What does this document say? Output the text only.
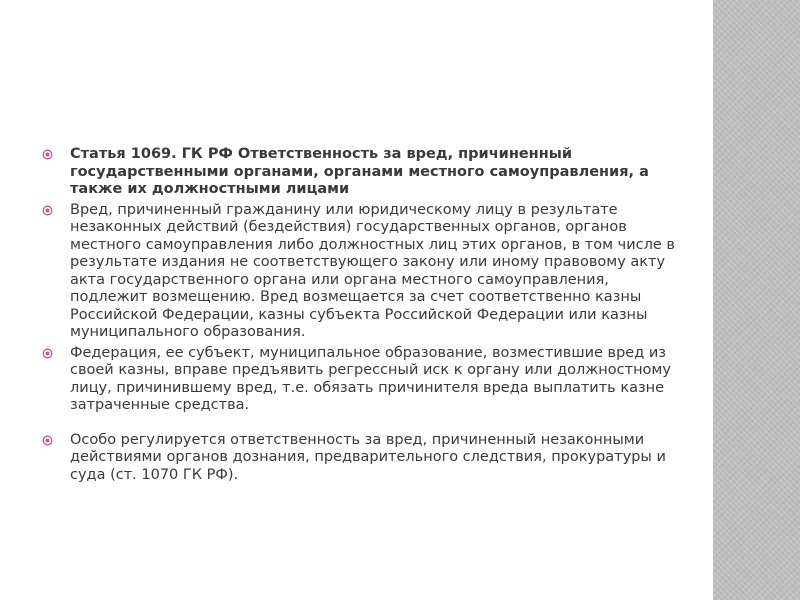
Статья 1069. ГК РФ Ответственность за вред, причиненный государственными органами, органами местного самоуправления, а также их должностными лицами
Вред, причиненный гражданину или юридическому лицу в результате незаконных действий (бездействия) государственных органов, органов местного самоуправления либо должностных лиц этих органов, в том числе в результате издания не соответствующего закону или иному правовому акту акта государственного органа или органа местного самоуправления, подлежит возмещению. Вред возмещается за счет соответственно казны Российской Федерации, казны субъекта Российской Федерации или казны муниципального образования.
Федерация, ее субъект, муниципальное образование, возместившие вред из своей казны, вправе предъявить регрессный иск к органу или должностному лицу, причинившему вред, т.е. обязать причинителя вреда выплатить казне затраченные средства.
Особо регулируется ответственность за вред, причиненный незаконными действиями органов дознания, предварительного следствия, прокуратуры и суда (ст. 1070 ГК РФ).
